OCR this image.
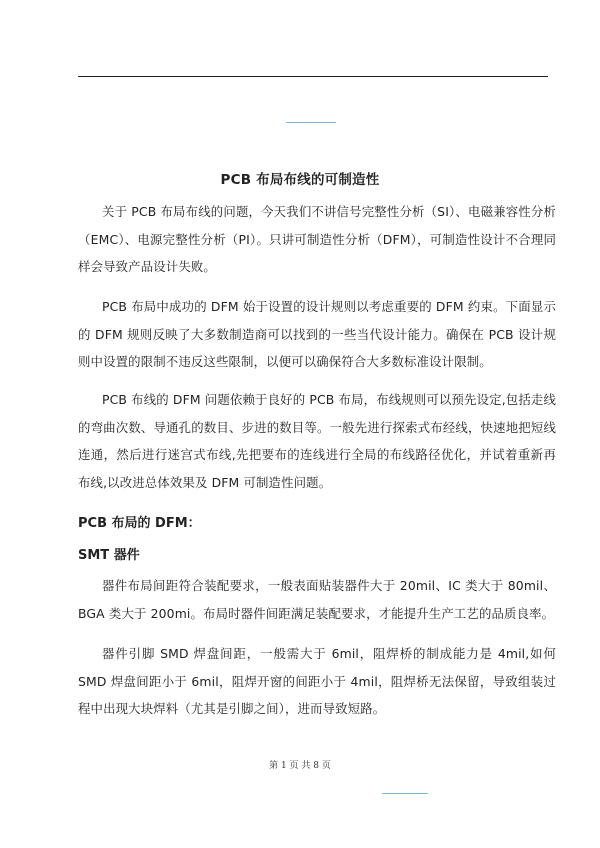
PCB 布局布线的可制造性

关于 PCB 布局布线的问题，今天我们不讲信号完整性分析（SI）、电磁兼容性分析（EMC）、电源完整性分析（PI）。只讲可制造性分析（DFM），可制造性设计不合理同样会导致产品设计失败。

PCB 布局中成功的 DFM 始于设置的设计规则以考虑重要的 DFM 约束。下面显示的 DFM 规则反映了大多数制造商可以找到的一些当代设计能力。确保在 PCB 设计规则中设置的限制不违反这些限制，以便可以确保符合大多数标准设计限制。

PCB 布线的 DFM 问题依赖于良好的 PCB 布局，布线规则可以预先设定,包括走线的弯曲次数、导通孔的数目、步进的数目等。一般先进行探索式布经线，快速地把短线连通，然后进行迷宫式布线,先把要布的连线进行全局的布线路径优化，并试着重新再布线,以改进总体效果及 DFM 可制造性问题。

PCB 布局的 DFM：
SMT 器件

器件布局间距符合装配要求，一般表面贴装器件大于 20mil、IC 类大于 80mil、BGA 类大于 200mi。布局时器件间距满足装配要求，才能提升生产工艺的品质良率。

器件引脚 SMD 焊盘间距，一般需大于 6mil，阻焊桥的制成能力是 4mil,如何 SMD 焊盘间距小于 6mil，阻焊开窗的间距小于 4mil，阻焊桥无法保留，导致组装过程中出现大块焊料（尤其是引脚之间），进而导致短路。

第 1 页 共 8 页
